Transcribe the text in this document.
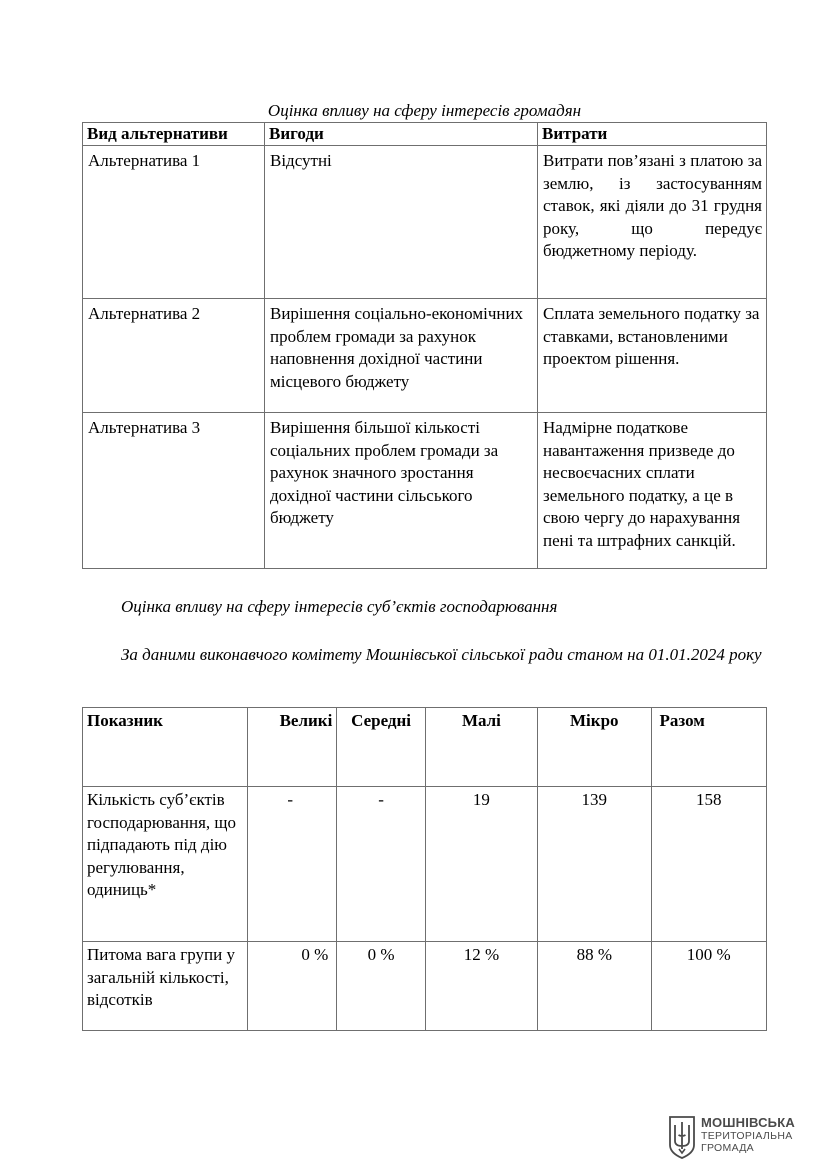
Оцінка впливу на сферу інтересів громадян
Вид альтернативи	Вигоди	Витрати
Альтернатива 1	Відсутні	Витрати пов’язані з платою за землю, із застосуванням ставок, які діяли до 31 грудня року, що передує бюджетному періоду.
Альтернатива 2	Вирішення соціально-економічних проблем громади за рахунок наповнення дохідної частини місцевого бюджету	Сплата земельного податку за ставками, встановленими проектом рішення.
Альтернатива 3	Вирішення більшої кількості соціальних проблем громади за рахунок значного зростання дохідної частини сільського бюджету	Надмірне податкове навантаження призведе до несвоєчасних сплати земельного податку, а це в свою чергу до нарахування пені та штрафних санкцій.
Оцінка впливу на сферу інтересів суб’єктів господарювання
За даними виконавчого комітету Мошнівської сільської ради станом на 01.01.2024 року
Показник	Великі	Середні	Малі	Мікро	Разом
Кількість суб’єктів господарювання, що підпадають під дію регулювання, одиниць*	-	-	19	139	158
Питома вага групи у загальній кількості, відсотків	0 %	0 %	12 %	88 %	100 %
МОШНІВСЬКА
ТЕРИТОРІАЛЬНА
ГРОМАДА
